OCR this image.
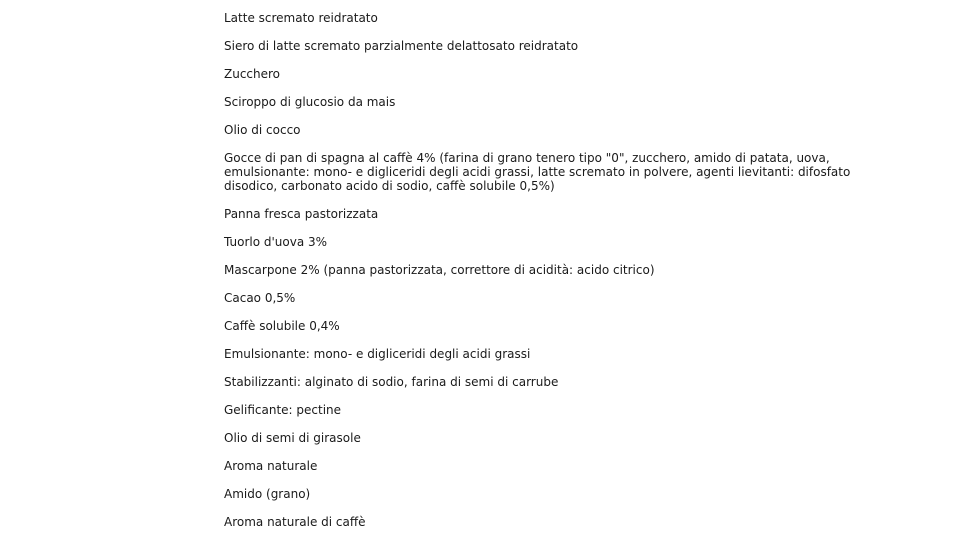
Latte scremato reidratato
Siero di latte scremato parzialmente delattosato reidratato
Zucchero
Sciroppo di glucosio da mais
Olio di cocco
Gocce di pan di spagna al caffè 4% (farina di grano tenero tipo "0", zucchero, amido di patata, uova, emulsionante: mono- e digliceridi degli acidi grassi, latte scremato in polvere, agenti lievitanti: difosfato disodico, carbonato acido di sodio, caffè solubile 0,5%)
Panna fresca pastorizzata
Tuorlo d'uova 3%
Mascarpone 2% (panna pastorizzata, correttore di acidità: acido citrico)
Cacao 0,5%
Caffè solubile 0,4%
Emulsionante: mono- e digliceridi degli acidi grassi
Stabilizzanti: alginato di sodio, farina di semi di carrube
Gelificante: pectine
Olio di semi di girasole
Aroma naturale
Amido (grano)
Aroma naturale di caffè
